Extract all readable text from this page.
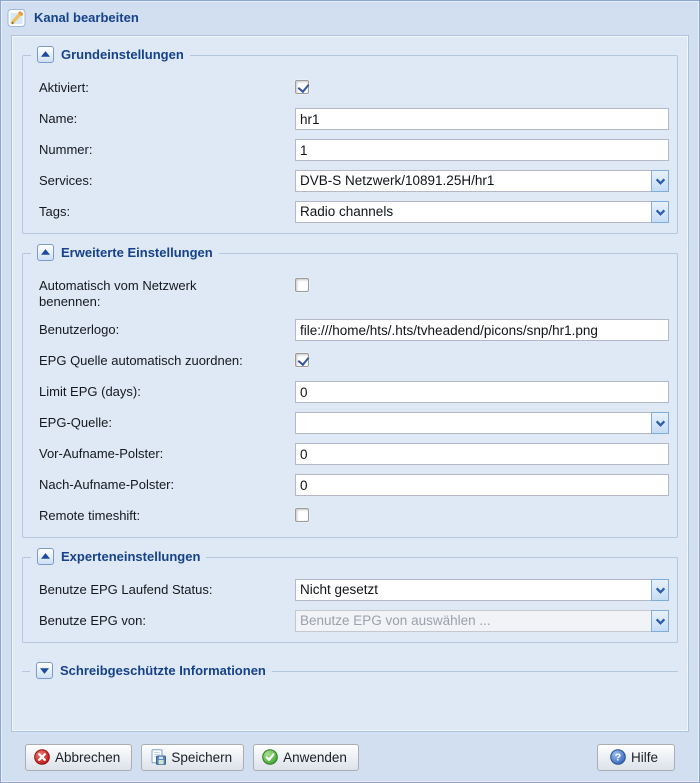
Kanal bearbeiten
Grundeinstellungen
Aktiviert:
Name:
hr1
Nummer:
1
Services:	DVB-S Netzwerk/10891.25H/hr1
Tags:	Radio channels
Erweiterte Einstellungen
Automatisch vom Netzwerk benennen:
Benutzerlogo:
file:///home/hts/.hts/tvheadend/picons/snp/hr1.png
EPG Quelle automatisch zuordnen:
Limit EPG (days):
0
EPG-Quelle:
Vor-Aufname-Polster:
0
Nach-Aufname-Polster:
0
Remote timeshift:
Experteneinstellungen
Benutze EPG Laufend Status:	Nicht gesetzt
Benutze EPG von:	Benutze EPG von auswählen ...
Schreibgeschützte Informationen
Abbrechen	Speichern	Anwenden	? Hilfe
